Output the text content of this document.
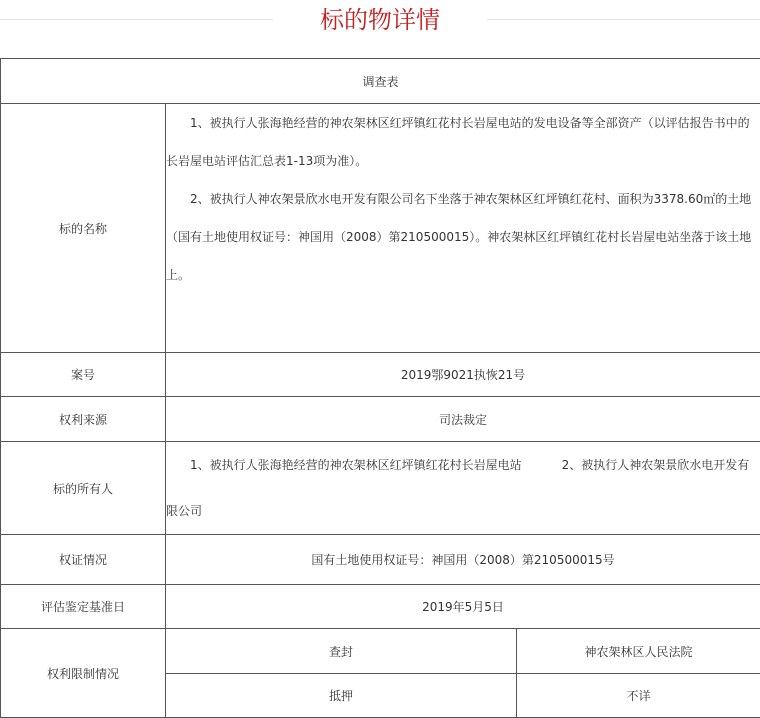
标的物详情
调查表		
标的名称	1、被执行人张海艳经营的神农架林区红坪镇红花村长岩屋电站的发电设备等全部资产（以评估报告书中的长岩屋电站评估汇总表1-13项为准）。

2、被执行人神农架景欣水电开发有限公司名下坐落于神农架林区红坪镇红花村、面积为3378.60㎡的土地（国有土地使用权证号：神国用（2008）第210500015）。神农架林区红坪镇红花村长岩屋电站坐落于该土地上。	

案号	2019鄂9021执恢21号	
权利来源	司法裁定	
标的所有人	1、被执行人张海艳经营的神农架林区红坪镇红花村长岩屋电站 2、被执行人神农架景欣水电开发有限公司	

权证情况	国有土地使用权证号：神国用（2008）第210500015号	
评估鉴定基准日	2019年5月5日	
权利限制情况	查封	神农架林区人民法院
	抵押	不详
